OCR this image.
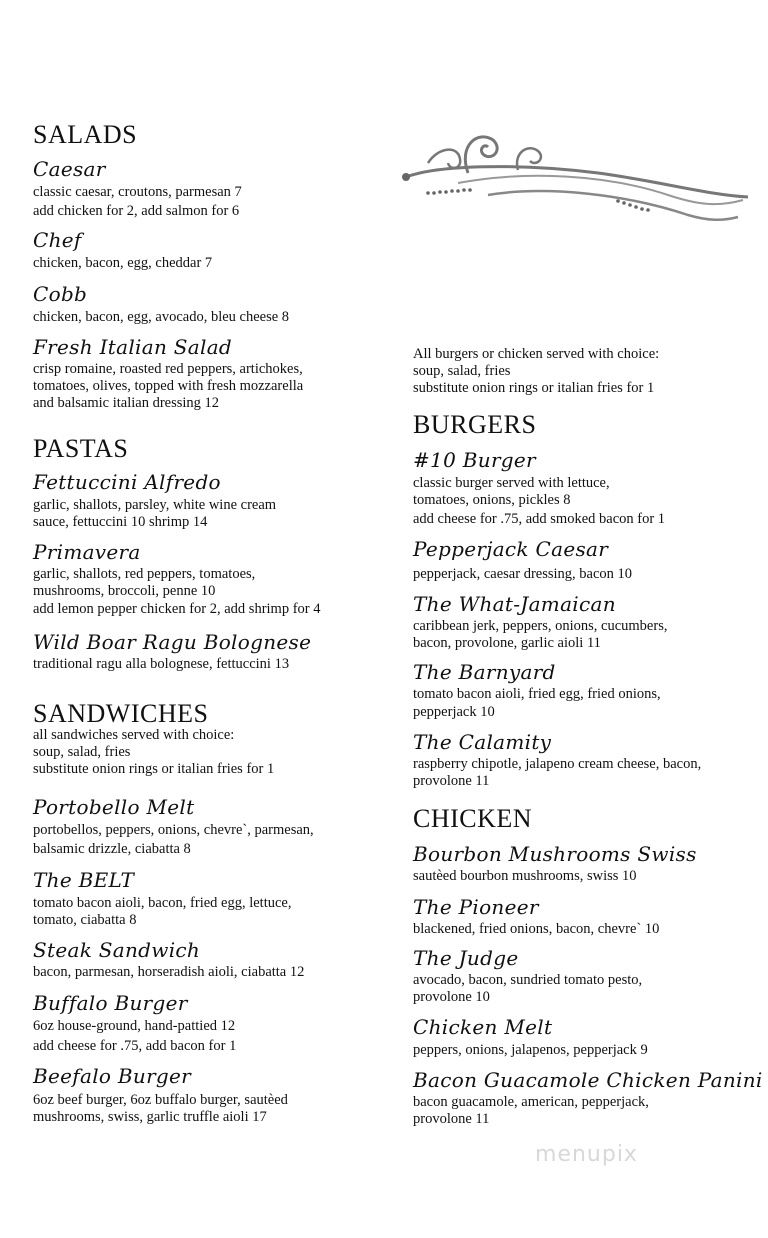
SALADS
Caesar
classic caesar, croutons, parmesan 7
add chicken for 2, add salmon for 6
Chef
chicken, bacon, egg, cheddar 7
Cobb
chicken, bacon, egg, avocado, bleu cheese 8
Fresh Italian Salad
crisp romaine, roasted red peppers, artichokes,
tomatoes, olives, topped with fresh mozzarella
and balsamic italian dressing 12
PASTAS
Fettuccini Alfredo
garlic, shallots, parsley, white wine cream
sauce, fettuccini 10 shrimp 14
Primavera
garlic, shallots, red peppers, tomatoes,
mushrooms, broccoli, penne 10
add lemon pepper chicken for 2, add shrimp for 4
Wild Boar Ragu Bolognese
traditional ragu alla bolognese, fettuccini 13
SANDWICHES
all sandwiches served with choice:
soup, salad, fries
substitute onion rings or italian fries for 1
Portobello Melt
portobellos, peppers, onions, chevre`, parmesan,
balsamic drizzle, ciabatta 8
The BELT
tomato bacon aioli, bacon, fried egg, lettuce,
tomato, ciabatta 8
Steak Sandwich
bacon, parmesan, horseradish aioli, ciabatta 12
Buffalo Burger
6oz house-ground, hand-pattied 12
add cheese for .75, add bacon for 1
Beefalo Burger
6oz beef burger, 6oz buffalo burger, sautèed
mushrooms, swiss, garlic truffle aioli 17
All burgers or chicken served with choice:
soup, salad, fries
substitute onion rings or italian fries for 1
BURGERS
#10 Burger
classic burger served with lettuce,
tomatoes, onions, pickles 8
add cheese for .75, add smoked bacon for 1
Pepperjack Caesar
pepperjack, caesar dressing, bacon 10
The What-Jamaican
caribbean jerk, peppers, onions, cucumbers,
bacon, provolone, garlic aioli 11
The Barnyard
tomato bacon aioli, fried egg, fried onions,
pepperjack 10
The Calamity
raspberry chipotle, jalapeno cream cheese, bacon,
provolone 11
CHICKEN
Bourbon Mushrooms Swiss
sautèed bourbon mushrooms, swiss 10
The Pioneer
blackened, fried onions, bacon, chevre` 10
The Judge
avocado, bacon, sundried tomato pesto,
provolone 10
Chicken Melt
peppers, onions, jalapenos, pepperjack 9
Bacon Guacamole Chicken Panini
bacon guacamole, american, pepperjack,
provolone 11
menupix
